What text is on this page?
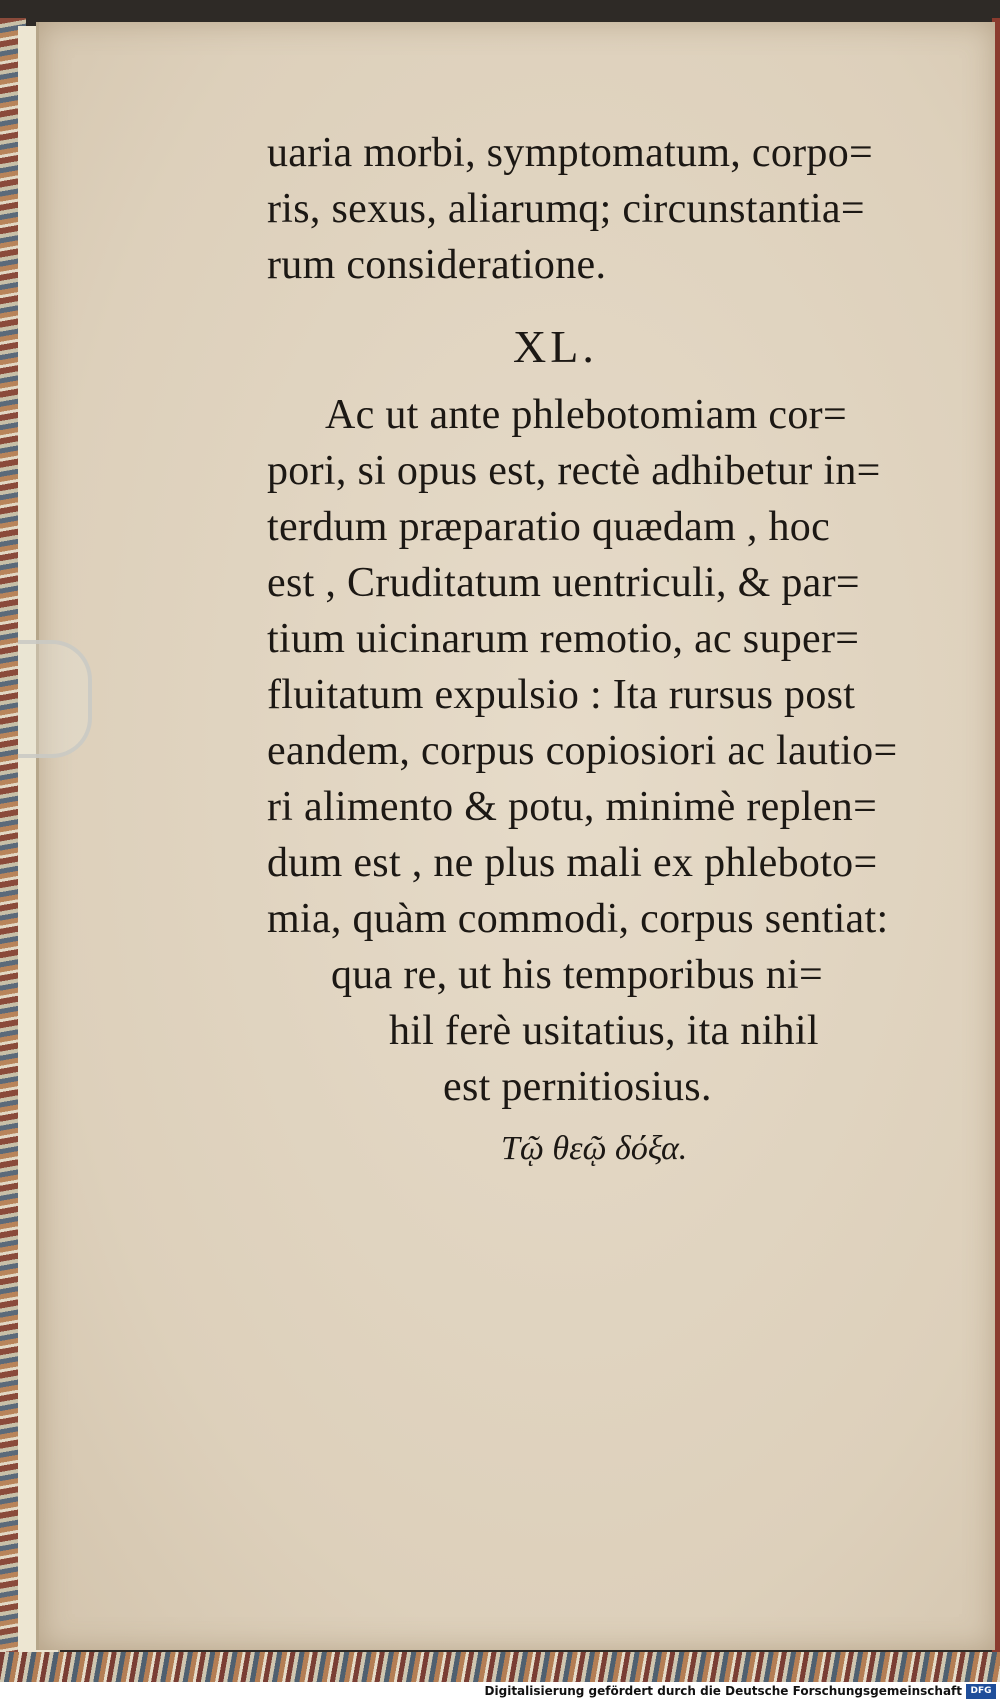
uaria morbi, symptomatum, corpo=
ris, sexus, aliarumq; circunstantia=
rum consideratione.
XL.
Ac ut ante phlebotomiam cor=
pori, si opus est, rectè adhibetur in=
terdum præparatio quædam , hoc
est , Cruditatum uentriculi, & par=
tium uicinarum remotio, ac super=
fluitatum expulsio : Ita rursus post
eandem, corpus copiosiori ac lautio=
ri alimento & potu, minimè replen=
dum est , ne plus mali ex phleboto=
mia, quàm commodi, corpus sentiat:
qua re, ut his temporibus ni=
hil ferè usitatius, ita nihil
est pernitiosius.
Τῷ θεῷ δόξα.
Digitalisierung gefördert durch die Deutsche Forschungsgemeinschaft DFG
